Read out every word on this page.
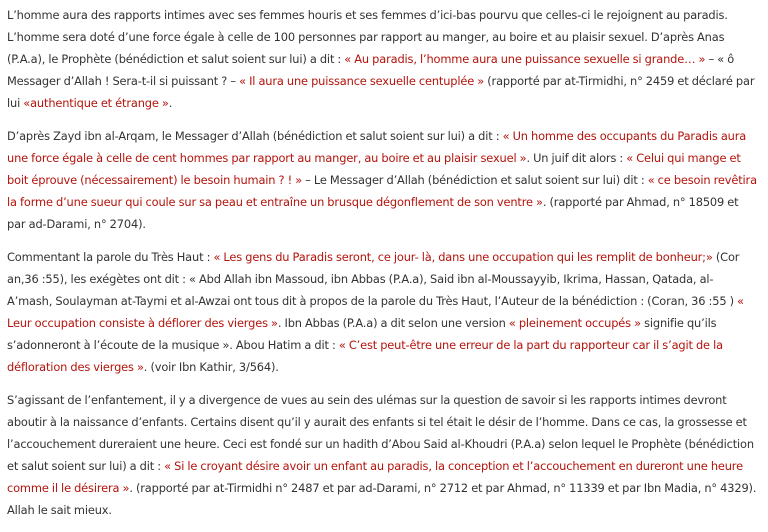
L’homme aura des rapports intimes avec ses femmes houris et ses femmes d’ici-bas pourvu que celles-ci le rejoignent au paradis. L’homme sera doté d’une force égale à celle de 100 personnes par rapport au manger, au boire et au plaisir sexuel. D’après Anas (P.A.a), le Prophète (bénédiction et salut soient sur lui) a dit : « Au paradis, l’homme aura une puissance sexuelle si grande… » – « ô Messager d’Allah ! Sera-t-il si puissant ? – « Il aura une puissance sexuelle centuplée » (rapporté par at-Tirmidhi, n° 2459 et déclaré par lui «authentique et étrange ».

D’après Zayd ibn al-Arqam, le Messager d’Allah (bénédiction et salut soient sur lui) a dit : « Un homme des occupants du Paradis aura une force égale à celle de cent hommes par rapport au manger, au boire et au plaisir sexuel ». Un juif dit alors : « Celui qui mange et boit éprouve (nécessairement) le besoin humain ? ! » – Le Messager d’Allah (bénédiction et salut soient sur lui) dit : « ce besoin revêtira la forme d’une sueur qui coule sur sa peau et entraîne un brusque dégonflement de son ventre ». (rapporté par Ahmad, n° 18509 et par ad-Darami, n° 2704).

Commentant la parole du Très Haut : « Les gens du Paradis seront, ce jour- là, dans une occupation qui les remplit de bonheur;» (Cor an,36 :55), les exégètes ont dit : « Abd Allah ibn Massoud, ibn Abbas (P.A.a), Said ibn al-Moussayyib, Ikrima, Hassan, Qatada, al-A’mash, Soulayman at-Taymi et al-Awzai ont tous dit à propos de la parole du Très Haut, l’Auteur de la bénédiction : (Coran, 36 :55 ) « Leur occupation consiste à déflorer des vierges ». Ibn Abbas (P.A.a) a dit selon une version « pleinement occupés » signifie qu’ils s’adonneront à l’écoute de la musique ». Abou Hatim a dit : « C’est peut-être une erreur de la part du rapporteur car il s’agit de la défloration des vierges ». (voir Ibn Kathir, 3/564).

S’agissant de l’enfantement, il y a divergence de vues au sein des ulémas sur la question de savoir si les rapports intimes devront aboutir à la naissance d’enfants. Certains disent qu’il y aurait des enfants si tel était le désir de l’homme. Dans ce cas, la grossesse et l’accouchement dureraient une heure. Ceci est fondé sur un hadith d’Abou Said al-Khoudri (P.A.a) selon lequel le Prophète (bénédiction et salut soient sur lui) a dit : « Si le croyant désire avoir un enfant au paradis, la conception et l’accouchement en dureront une heure comme il le désirera ». (rapporté par at-Tirmidhi n° 2487 et par ad-Darami, n° 2712 et par Ahmad, n° 11339 et par Ibn Madia, n° 4329). Allah le sait mieux.
